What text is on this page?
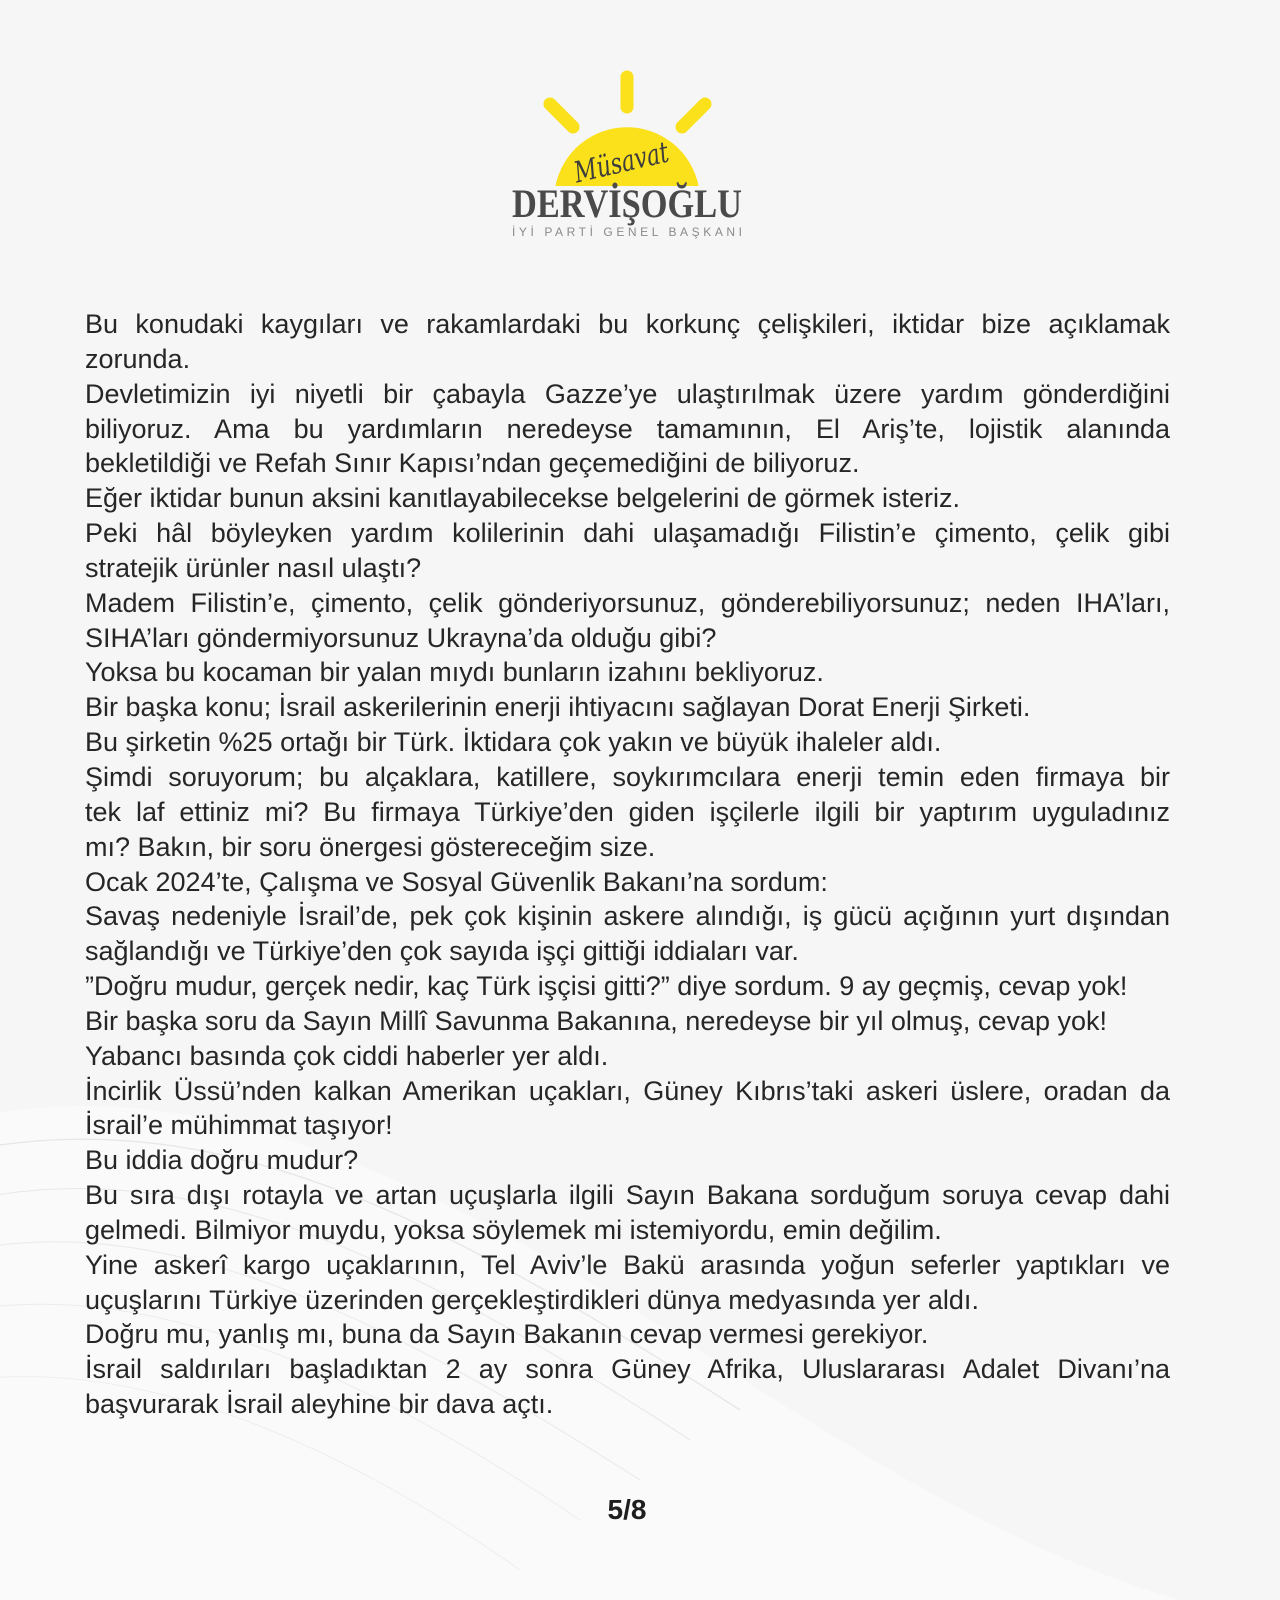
Müsavat
DERVİŞOĞLU
İYİ PARTİ GENEL BAŞKANI
Bu konudaki kaygıları ve rakamlardaki bu korkunç çelişkileri, iktidar bize açıklamak
zorunda.
Devletimizin iyi niyetli bir çabayla Gazze’ye ulaştırılmak üzere yardım gönderdiğini
biliyoruz. Ama bu yardımların neredeyse tamamının, El Ariş’te, lojistik alanında
bekletildiği ve Refah Sınır Kapısı’ndan geçemediğini de biliyoruz.
Eğer iktidar bunun aksini kanıtlayabilecekse belgelerini de görmek isteriz.
Peki hâl böyleyken yardım kolilerinin dahi ulaşamadığı Filistin’e çimento, çelik gibi
stratejik ürünler nasıl ulaştı?
Madem Filistin’e, çimento, çelik gönderiyorsunuz, gönderebiliyorsunuz; neden IHA’ları,
SIHA’ları göndermiyorsunuz Ukrayna’da olduğu gibi?
Yoksa bu kocaman bir yalan mıydı bunların izahını bekliyoruz.
Bir başka konu; İsrail askerilerinin enerji ihtiyacını sağlayan Dorat Enerji Şirketi.
Bu şirketin %25 ortağı bir Türk. İktidara çok yakın ve büyük ihaleler aldı.
Şimdi soruyorum; bu alçaklara, katillere, soykırımcılara enerji temin eden firmaya bir
tek laf ettiniz mi? Bu firmaya Türkiye’den giden işçilerle ilgili bir yaptırım uyguladınız
mı? Bakın, bir soru önergesi göstereceğim size.
Ocak 2024’te, Çalışma ve Sosyal Güvenlik Bakanı’na sordum:
Savaş nedeniyle İsrail’de, pek çok kişinin askere alındığı, iş gücü açığının yurt dışından
sağlandığı ve Türkiye’den çok sayıda işçi gittiği iddiaları var.
”Doğru mudur, gerçek nedir, kaç Türk işçisi gitti?” diye sordum. 9 ay geçmiş, cevap yok!
Bir başka soru da Sayın Millî Savunma Bakanına, neredeyse bir yıl olmuş, cevap yok!
Yabancı basında çok ciddi haberler yer aldı.
İncirlik Üssü’nden kalkan Amerikan uçakları, Güney Kıbrıs’taki askeri üslere, oradan da
İsrail’e mühimmat taşıyor!
Bu iddia doğru mudur?
Bu sıra dışı rotayla ve artan uçuşlarla ilgili Sayın Bakana sorduğum soruya cevap dahi
gelmedi. Bilmiyor muydu, yoksa söylemek mi istemiyordu, emin değilim.
Yine askerî kargo uçaklarının, Tel Aviv’le Bakü arasında yoğun seferler yaptıkları ve
uçuşlarını Türkiye üzerinden gerçekleştirdikleri dünya medyasında yer aldı.
Doğru mu, yanlış mı, buna da Sayın Bakanın cevap vermesi gerekiyor.
İsrail saldırıları başladıktan 2 ay sonra Güney Afrika, Uluslararası Adalet Divanı’na
başvurarak İsrail aleyhine bir dava açtı.
5/8
